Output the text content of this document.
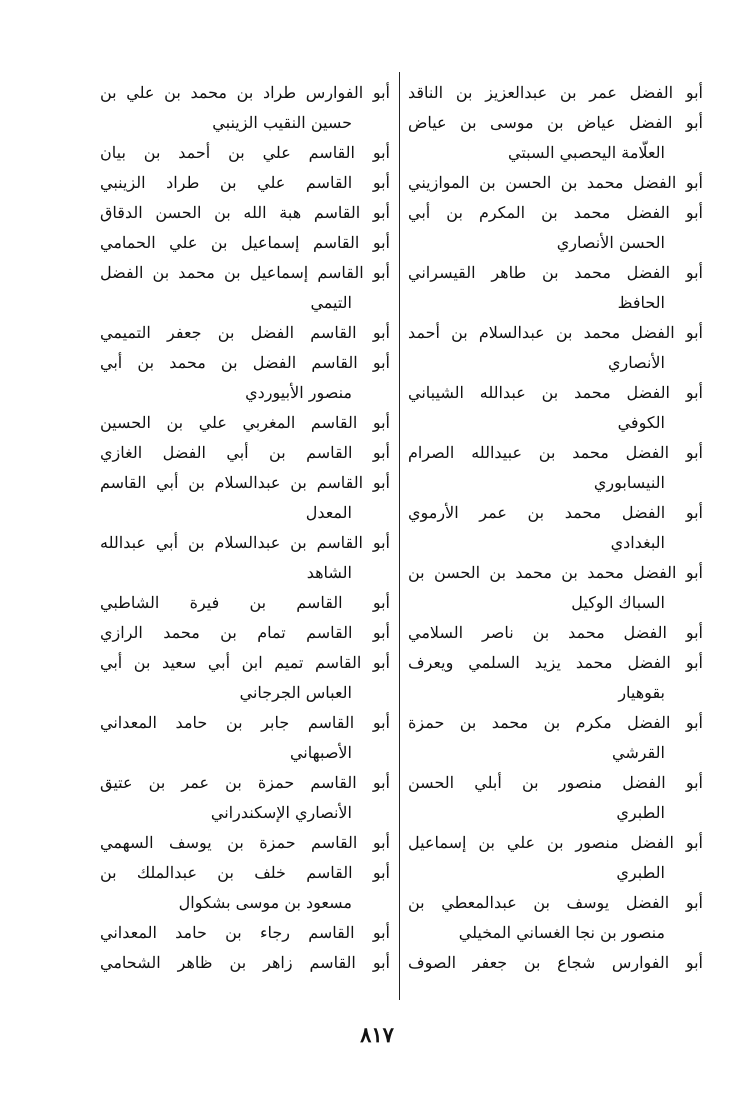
أبو الفضل عمر بن عبدالعزيز بن الناقد
أبو الفضل عياض بن موسى بن عياض
العلّامة اليحصبي السبتي
أبو الفضل محمد بن الحسن بن الموازيني
أبو الفضل محمد بن المكرم بن أبي
الحسن الأنصاري
أبو الفضل محمد بن طاهر القيسراني
الحافظ
أبو الفضل محمد بن عبدالسلام بن أحمد
الأنصاري
أبو الفضل محمد بن عبدالله الشيباني
الكوفي
أبو الفضل محمد بن عبيدالله الصرام
النيسابوري
أبو الفضل محمد بن عمر الأرموي
البغدادي
أبو الفضل محمد بن محمد بن الحسن بن
السباك الوكيل
أبو الفضل محمد بن ناصر السلامي
أبو الفضل محمد يزيد السلمي ويعرف
بقوهيار
أبو الفضل مكرم بن محمد بن حمزة
القرشي
أبو الفضل منصور بن أبلي الحسن
الطبري
أبو الفضل منصور بن علي بن إسماعيل
الطبري
أبو الفضل يوسف بن عبدالمعطي بن
منصور بن نجا الغساني المخيلي
أبو الفوارس شجاع بن جعفر الصوف
أبو الفوارس طراد بن محمد بن علي بن
حسين النقيب الزينبي
أبو القاسم علي بن أحمد بن بيان
أبو القاسم علي بن طراد الزينبي
أبو القاسم هبة الله بن الحسن الدقاق
أبو القاسم إسماعيل بن علي الحمامي
أبو القاسم إسماعيل بن محمد بن الفضل
التيمي
أبو القاسم الفضل بن جعفر التميمي
أبو القاسم الفضل بن محمد بن أبي
منصور الأبيوردي
أبو القاسم المغربي علي بن الحسين
أبو القاسم بن أبي الفضل الغازي
أبو القاسم بن عبدالسلام بن أبي القاسم
المعدل
أبو القاسم بن عبدالسلام بن أبي عبدالله
الشاهد
أبو القاسم بن فيرة الشاطبي
أبو القاسم تمام بن محمد الرازي
أبو القاسم تميم ابن أبي سعيد بن أبي
العباس الجرجاني
أبو القاسم جابر بن حامد المعداني
الأصبهاني
أبو القاسم حمزة بن عمر بن عتيق
الأنصاري الإسكندراني
أبو القاسم حمزة بن يوسف السهمي
أبو القاسم خلف بن عبدالملك بن
مسعود بن موسى بشكوال
أبو القاسم رجاء بن حامد المعداني
أبو القاسم زاهر بن ظاهر الشحامي
٨١٧
